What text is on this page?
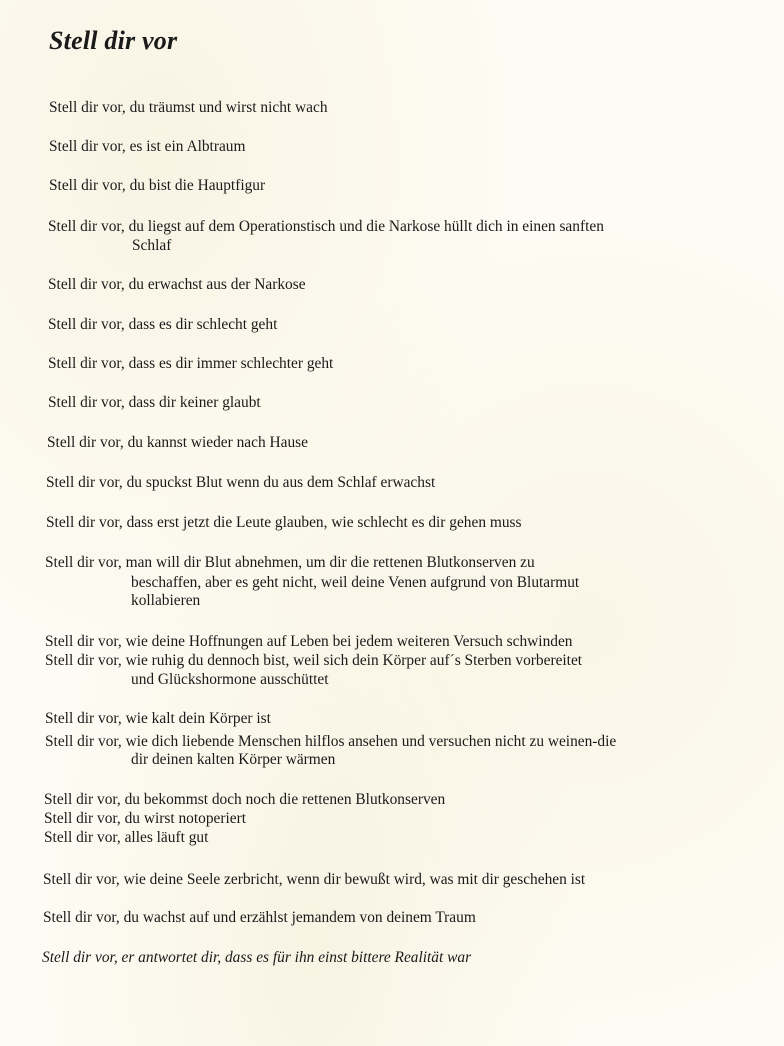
Stell dir vor

Stell dir vor, du träumst und wirst nicht wach

Stell dir vor, es ist ein Albtraum

Stell dir vor, du bist die Hauptfigur

Stell dir vor, du liegst auf dem Operationstisch und die Narkose hüllt dich in einen sanften

Schlaf

Stell dir vor, du erwachst aus der Narkose

Stell dir vor, dass es dir schlecht geht

Stell dir vor, dass es dir immer schlechter geht

Stell dir vor, dass dir keiner glaubt

Stell dir vor, du kannst wieder nach Hause

Stell dir vor, du spuckst Blut wenn du aus dem Schlaf erwachst

Stell dir vor, dass erst jetzt die Leute glauben, wie schlecht es dir gehen muss

Stell dir vor, man will dir Blut abnehmen, um dir die rettenen Blutkonserven zu

beschaffen, aber es geht nicht, weil deine Venen aufgrund von Blutarmut

kollabieren

Stell dir vor, wie deine Hoffnungen auf Leben bei jedem weiteren Versuch schwinden

Stell dir vor, wie ruhig du dennoch bist, weil sich dein Körper auf´s Sterben vorbereitet

und Glückshormone ausschüttet

Stell dir vor, wie kalt dein Körper ist

Stell dir vor, wie dich liebende Menschen hilflos ansehen und versuchen nicht zu weinen-die

dir deinen kalten Körper wärmen

Stell dir vor, du bekommst doch noch die rettenen Blutkonserven

Stell dir vor, du wirst notoperiert

Stell dir vor, alles läuft gut

Stell dir vor, wie deine Seele zerbricht, wenn dir bewußt wird, was mit dir geschehen ist

Stell dir vor, du wachst auf und erzählst jemandem von deinem Traum

Stell dir vor, er antwortet dir, dass es für ihn einst bittere Realität war
